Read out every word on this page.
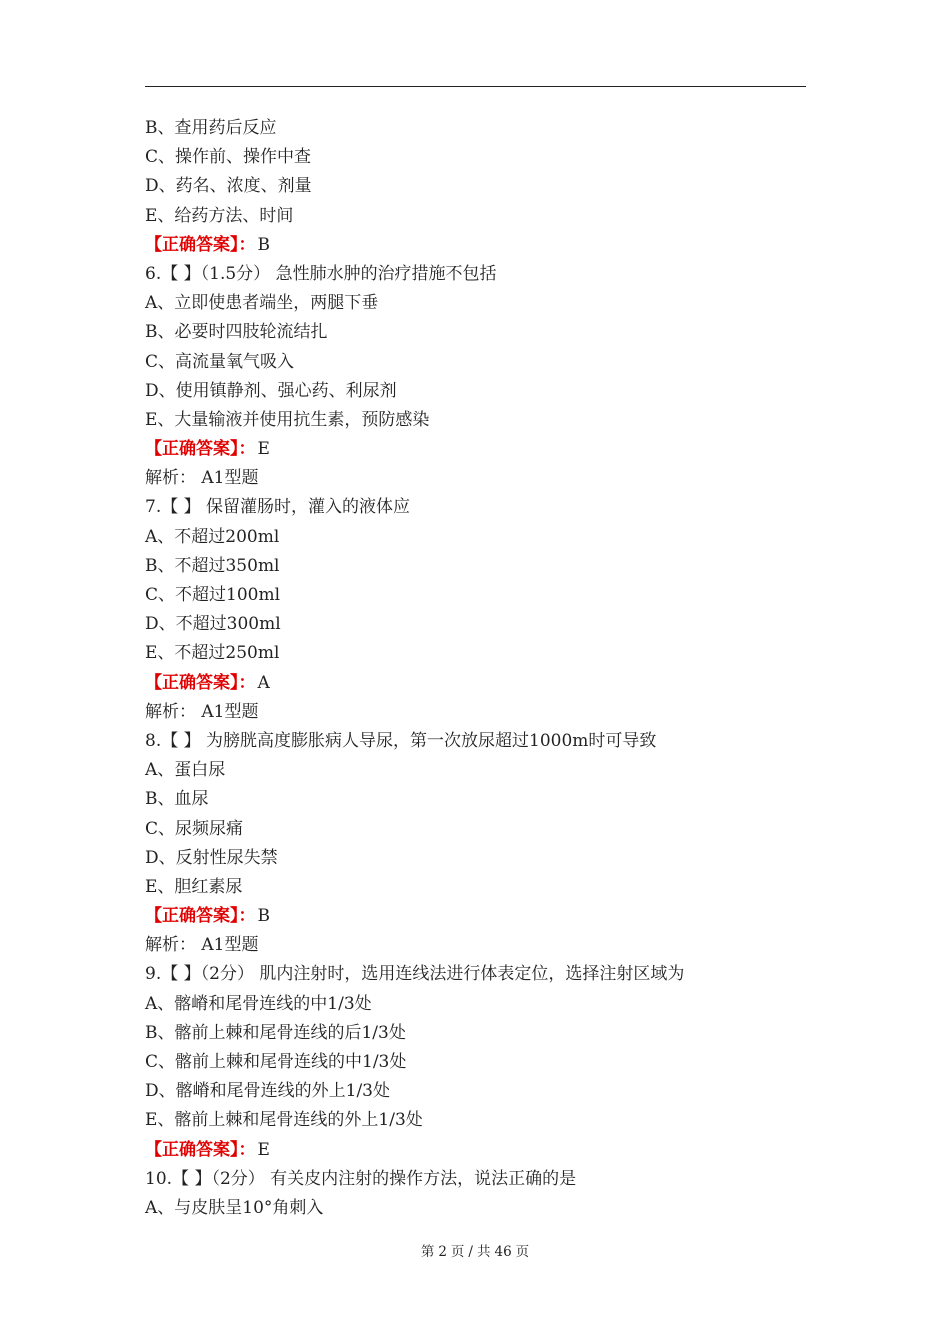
B、查用药后反应
C、操作前、操作中查
D、药名、浓度、剂量
E、给药方法、时间
【正确答案】： B
6.【 】（1.5分） 急性肺水肿的治疗措施不包括
A、立即使患者端坐，两腿下垂
B、必要时四肢轮流结扎
C、高流量氧气吸入
D、使用镇静剂、强心药、利尿剂
E、大量输液并使用抗生素，预防感染
【正确答案】： E
解析： A1型题
7.【 】 保留灌肠时，灌入的液体应
A、不超过200ml
B、不超过350ml
C、不超过100ml
D、不超过300ml
E、不超过250ml
【正确答案】： A
解析： A1型题
8.【 】 为膀胱高度膨胀病人导尿，第一次放尿超过1000m时可导致
A、蛋白尿
B、血尿
C、尿频尿痛
D、反射性尿失禁
E、胆红素尿
【正确答案】： B
解析： A1型题
9.【 】（2分） 肌内注射时，选用连线法进行体表定位，选择注射区域为
A、髂嵴和尾骨连线的中1/3处
B、髂前上棘和尾骨连线的后1/3处
C、髂前上棘和尾骨连线的中1/3处
D、髂嵴和尾骨连线的外上1/3处
E、髂前上棘和尾骨连线的外上1/3处
【正确答案】： E
10.【 】（2分） 有关皮内注射的操作方法，说法正确的是
A、与皮肤呈10°角刺入
第 2 页 / 共 46 页
